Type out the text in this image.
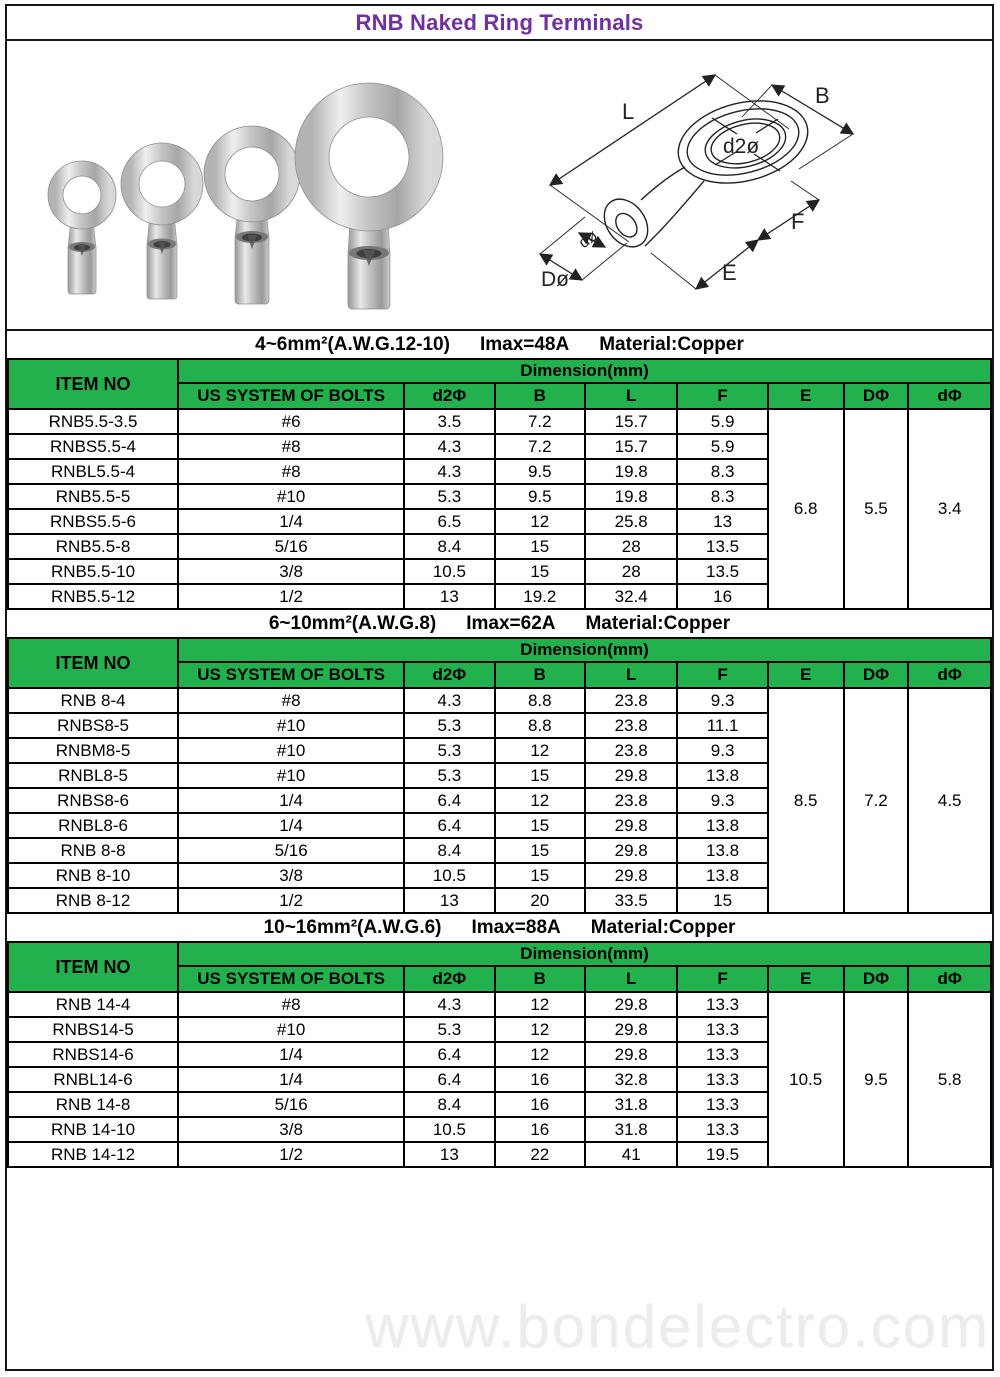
RNB Naked Ring Terminals
L
B
d2ø
F
E
Dø
dø
4~6mm²(A.W.G.12-10) Imax=48A Material:Copper
ITEM NO	Dimension(mm)							
	US SYSTEM OF BOLTS	d2Φ	B	L	F	E	DΦ	dΦ
RNB5.5-3.5	#6	3.5	7.2	15.7	5.9	6.8	5.5	3.4
RNBS5.5-4	#8	4.3	7.2	15.7	5.9			
RNBL5.5-4	#8	4.3	9.5	19.8	8.3			
RNB5.5-5	#10	5.3	9.5	19.8	8.3			
RNBS5.5-6	1/4	6.5	12	25.8	13			
RNB5.5-8	5/16	8.4	15	28	13.5			
RNB5.5-10	3/8	10.5	15	28	13.5			
RNB5.5-12	1/2	13	19.2	32.4	16			
6~10mm²(A.W.G.8) Imax=62A Material:Copper
ITEM NO	Dimension(mm)							
	US SYSTEM OF BOLTS	d2Φ	B	L	F	E	DΦ	dΦ
RNB 8-4	#8	4.3	8.8	23.8	9.3	8.5	7.2	4.5
RNBS8-5	#10	5.3	8.8	23.8	11.1			
RNBM8-5	#10	5.3	12	23.8	9.3			
RNBL8-5	#10	5.3	15	29.8	13.8			
RNBS8-6	1/4	6.4	12	23.8	9.3			
RNBL8-6	1/4	6.4	15	29.8	13.8			
RNB 8-8	5/16	8.4	15	29.8	13.8			
RNB 8-10	3/8	10.5	15	29.8	13.8			
RNB 8-12	1/2	13	20	33.5	15			
10~16mm²(A.W.G.6) Imax=88A Material:Copper
ITEM NO	Dimension(mm)							
	US SYSTEM OF BOLTS	d2Φ	B	L	F	E	DΦ	dΦ
RNB 14-4	#8	4.3	12	29.8	13.3	10.5	9.5	5.8
RNBS14-5	#10	5.3	12	29.8	13.3			
RNBS14-6	1/4	6.4	12	29.8	13.3			
RNBL14-6	1/4	6.4	16	32.8	13.3			
RNB 14-8	5/16	8.4	16	31.8	13.3			
RNB 14-10	3/8	10.5	16	31.8	13.3			
RNB 14-12	1/2	13	22	41	19.5			
www.bondelectro.com
